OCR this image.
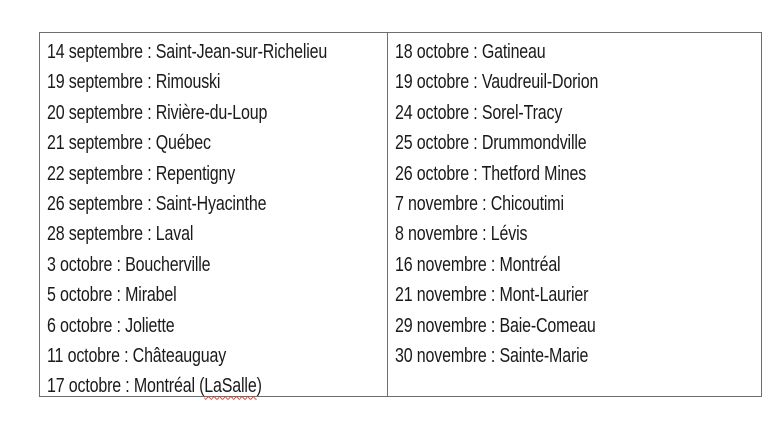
14 septembre : Saint-Jean-sur-Richelieu
19 septembre : Rimouski
20 septembre : Rivière-du-Loup
21 septembre : Québec
22 septembre : Repentigny
26 septembre : Saint-Hyacinthe
28 septembre : Laval
3 octobre : Boucherville
5 octobre : Mirabel
6 octobre : Joliette
11 octobre : Châteauguay
17 octobre : Montréal (LaSalle)
18 octobre : Gatineau
19 octobre : Vaudreuil-Dorion
24 octobre : Sorel-Tracy
25 octobre : Drummondville
26 octobre : Thetford Mines
7 novembre : Chicoutimi
8 novembre : Lévis
16 novembre : Montréal
21 novembre : Mont-Laurier
29 novembre : Baie-Comeau
30 novembre : Sainte-Marie
